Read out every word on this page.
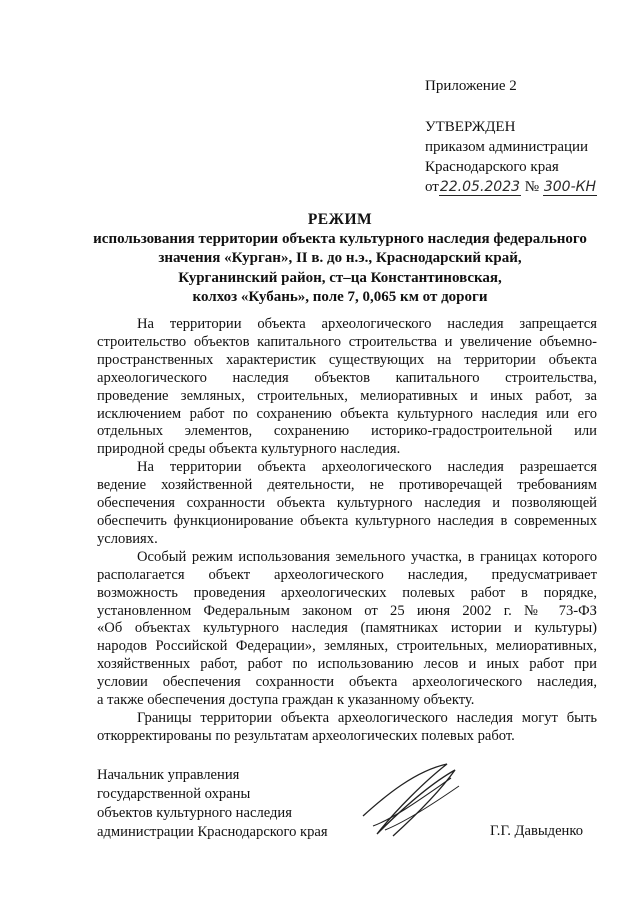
Приложение 2
УТВЕРЖДЕН
приказом администрации
Краснодарского края
от22.05.2023 № 300-КН
РЕЖИМ
использования территории объекта культурного наследия федерального
значения «Курган», II в. до н.э., Краснодарский край,
Курганинский район, ст–ца Константиновская,
колхоз «Кубань», поле 7, 0,065 км от дороги

На территории объекта археологического наследия запрещается
строительство объектов капитального строительства и увеличение объемно-
пространственных характеристик существующих на территории объекта
археологического наследия объектов капитального строительства,
проведение земляных, строительных, мелиоративных и иных работ, за
исключением работ по сохранению объекта культурного наследия или его
отдельных элементов, сохранению историко-градостроительной или
природной среды объекта культурного наследия.

На территории объекта археологического наследия разрешается
ведение хозяйственной деятельности, не противоречащей требованиям
обеспечения сохранности объекта культурного наследия и позволяющей
обеспечить функционирование объекта культурного наследия в современных
условиях.

Особый режим использования земельного участка, в границах которого
располагается объект археологического наследия, предусматривает
возможность проведения археологических полевых работ в порядке,
установленном Федеральным законом от 25 июня 2002 г. № 73-ФЗ
«Об объектах культурного наследия (памятниках истории и культуры)
народов Российской Федерации», земляных, строительных, мелиоративных,
хозяйственных работ, работ по использованию лесов и иных работ при
условии обеспечения сохранности объекта археологического наследия,
а также обеспечения доступа граждан к указанному объекту.

Границы территории объекта археологического наследия могут быть
откорректированы по результатам археологических полевых работ.

Начальник управления
государственной охраны
объектов культурного наследия
администрации Краснодарского края	Г.Г. Давыденко
